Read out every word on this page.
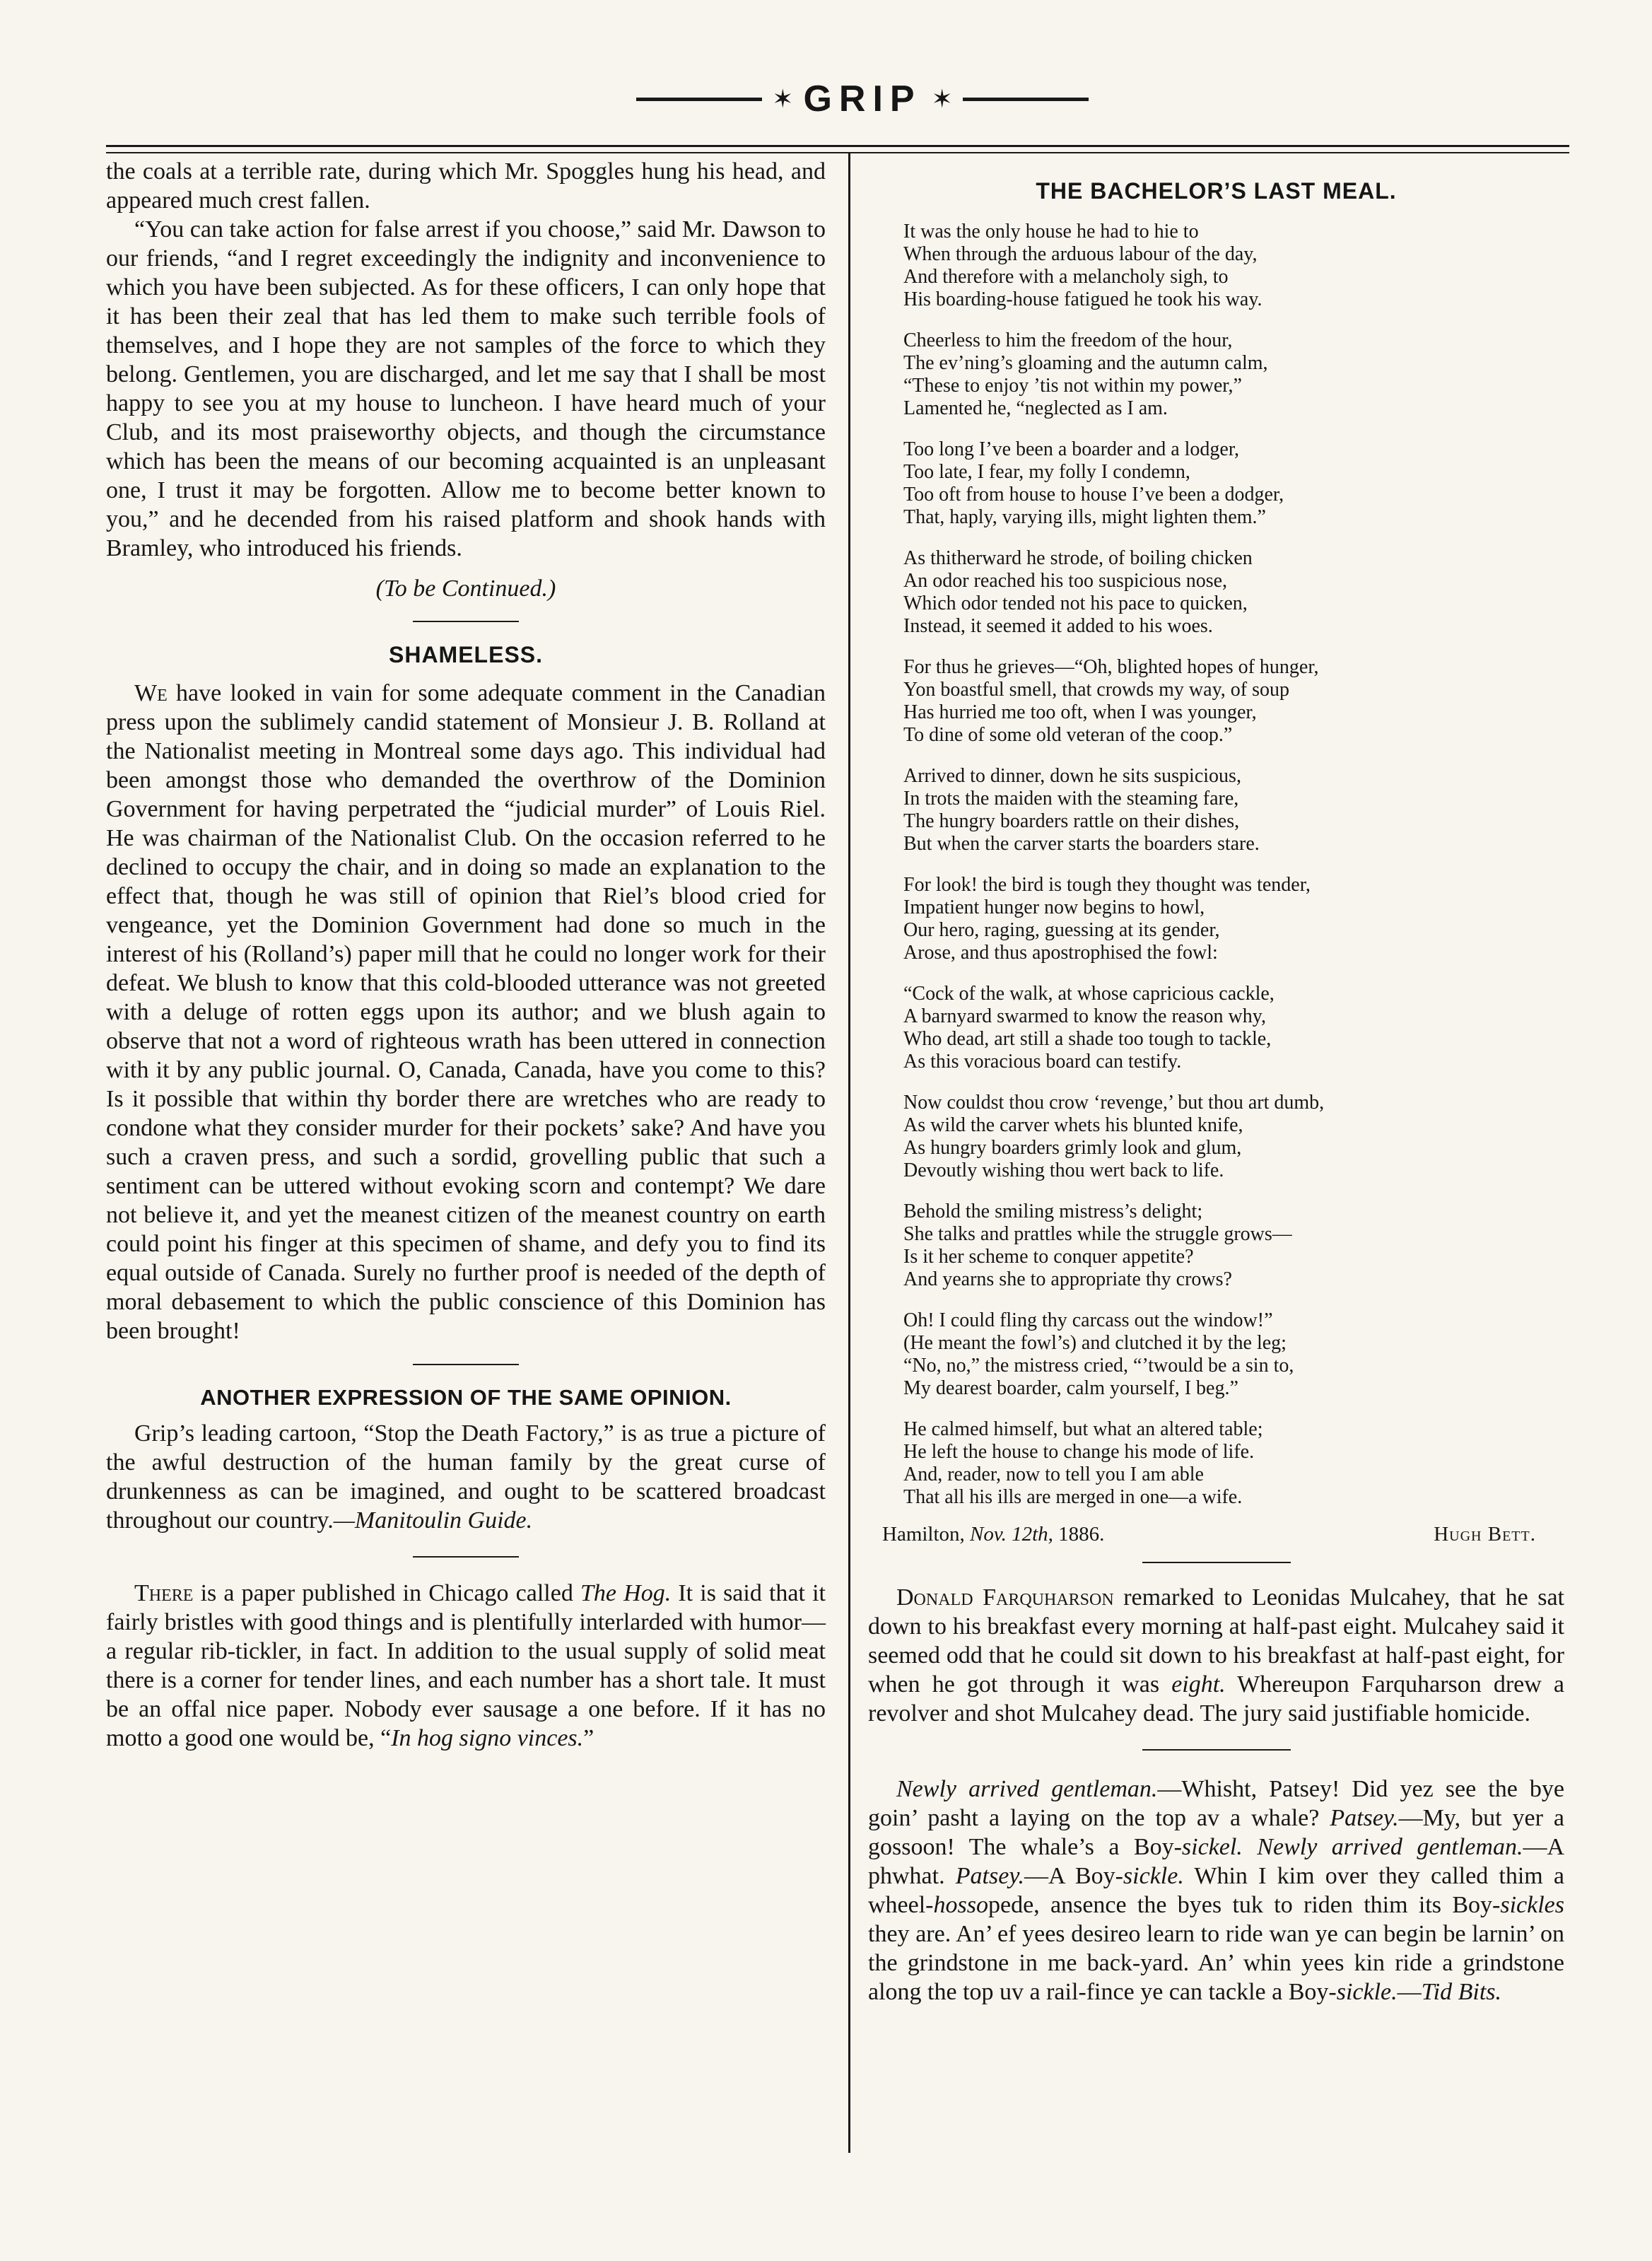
✶ GRIP ✶

the coals at a terrible rate, during which Mr. Spoggles hung his head, and appeared much crest fallen.

“You can take action for false arrest if you choose,” said Mr. Dawson to our friends, “and I regret exceedingly the indignity and inconvenience to which you have been subjected. As for these officers, I can only hope that it has been their zeal that has led them to make such terrible fools of themselves, and I hope they are not samples of the force to which they belong. Gentlemen, you are discharged, and let me say that I shall be most happy to see you at my house to luncheon. I have heard much of your Club, and its most praiseworthy objects, and though the circumstance which has been the means of our becoming acquainted is an unpleasant one, I trust it may be forgotten. Allow me to become better known to you,” and he decended from his raised platform and shook hands with Bramley, who introduced his friends.

(To be Continued.)
SHAMELESS.

We have looked in vain for some adequate comment in the Canadian press upon the sublimely candid statement of Monsieur J. B. Rolland at the Nationalist meeting in Montreal some days ago. This individual had been amongst those who demanded the overthrow of the Dominion Government for having perpetrated the “judicial murder” of Louis Riel. He was chairman of the Nationalist Club. On the occasion referred to he declined to occupy the chair, and in doing so made an explanation to the effect that, though he was still of opinion that Riel’s blood cried for vengeance, yet the Dominion Government had done so much in the interest of his (Rolland’s) paper mill that he could no longer work for their defeat. We blush to know that this cold-blooded utterance was not greeted with a deluge of rotten eggs upon its author; and we blush again to observe that not a word of righteous wrath has been uttered in connection with it by any public journal. O, Canada, Canada, have you come to this? Is it possible that within thy border there are wretches who are ready to condone what they consider murder for their pockets’ sake? And have you such a craven press, and such a sordid, grovelling public that such a sentiment can be uttered without evoking scorn and contempt? We dare not believe it, and yet the meanest citizen of the meanest country on earth could point his finger at this specimen of shame, and defy you to find its equal outside of Canada. Surely no further proof is needed of the depth of moral debasement to which the public conscience of this Dominion has been brought!

ANOTHER EXPRESSION OF THE SAME OPINION.

Grip’s leading cartoon, “Stop the Death Factory,” is as true a picture of the awful destruction of the human family by the great curse of drunkenness as can be imagined, and ought to be scattered broadcast throughout our country.—Manitoulin Guide.

There is a paper published in Chicago called The Hog. It is said that it fairly bristles with good things and is plentifully interlarded with humor—a regular rib-tickler, in fact. In addition to the usual supply of solid meat there is a corner for tender lines, and each number has a short tale. It must be an offal nice paper. Nobody ever sausage a one before. If it has no motto a good one would be, “In hog signo vinces.”

THE BACHELOR’S LAST MEAL.
It was the only house he had to hie to
When through the arduous labour of the day,
And therefore with a melancholy sigh, to
His boarding-house fatigued he took his way.
Cheerless to him the freedom of the hour,
The ev’ning’s gloaming and the autumn calm,
“These to enjoy ’tis not within my power,”
Lamented he, “neglected as I am.
Too long I’ve been a boarder and a lodger,
Too late, I fear, my folly I condemn,
Too oft from house to house I’ve been a dodger,
That, haply, varying ills, might lighten them.”
As thitherward he strode, of boiling chicken
An odor reached his too suspicious nose,
Which odor tended not his pace to quicken,
Instead, it seemed it added to his woes.
For thus he grieves—“Oh, blighted hopes of hunger,
Yon boastful smell, that crowds my way, of soup
Has hurried me too oft, when I was younger,
To dine of some old veteran of the coop.”
Arrived to dinner, down he sits suspicious,
In trots the maiden with the steaming fare,
The hungry boarders rattle on their dishes,
But when the carver starts the boarders stare.
For look! the bird is tough they thought was tender,
Impatient hunger now begins to howl,
Our hero, raging, guessing at its gender,
Arose, and thus apostrophised the fowl:
“Cock of the walk, at whose capricious cackle,
A barnyard swarmed to know the reason why,
Who dead, art still a shade too tough to tackle,
As this voracious board can testify.
Now couldst thou crow ‘revenge,’ but thou art dumb,
As wild the carver whets his blunted knife,
As hungry boarders grimly look and glum,
Devoutly wishing thou wert back to life.
Behold the smiling mistress’s delight;
She talks and prattles while the struggle grows—
Is it her scheme to conquer appetite?
And yearns she to appropriate thy crows?
Oh! I could fling thy carcass out the window!”
(He meant the fowl’s) and clutched it by the leg;
“No, no,” the mistress cried, “’twould be a sin to,
My dearest boarder, calm yourself, I beg.”
He calmed himself, but what an altered table;
He left the house to change his mode of life.
And, reader, now to tell you I am able
That all his ills are merged in one—a wife.
Hamilton, Nov. 12th, 1886.	Hugh Bett.

Donald Farquharson remarked to Leonidas Mulcahey, that he sat down to his breakfast every morning at half-past eight. Mulcahey said it seemed odd that he could sit down to his breakfast at half-past eight, for when he got through it was eight. Whereupon Farquharson drew a revolver and shot Mulcahey dead. The jury said justifiable homicide.

Newly arrived gentleman.—Whisht, Patsey! Did yez see the bye goin’ pasht a laying on the top av a whale? Patsey.—My, but yer a gossoon! The whale’s a Boy-sickel. Newly arrived gentleman.—A phwhat. Patsey.—A Boy-sickle. Whin I kim over they called thim a wheel-hossopede, ansence the byes tuk to riden thim its Boy-sickles they are. An’ ef yees desireo learn to ride wan ye can begin be larnin’ on the grindstone in me back-yard. An’ whin yees kin ride a grindstone along the top uv a rail-fince ye can tackle a Boy-sickle.—Tid Bits.
